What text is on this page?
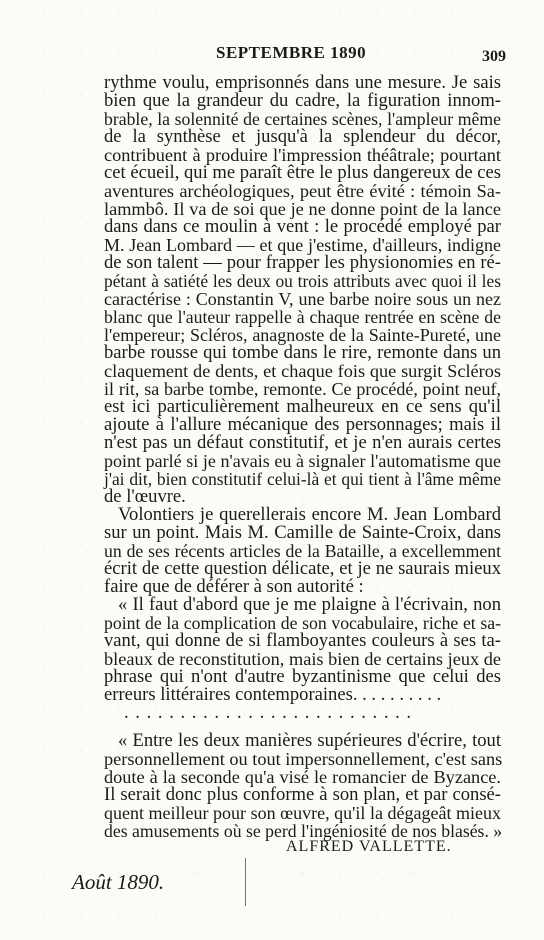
SEPTEMBRE 1890	309
rythme voulu, emprisonnés dans une mesure. Je sais
bien que la grandeur du cadre, la figuration innom-
brable, la solennité de certaines scènes, l'ampleur même
de la synthèse et jusqu'à la splendeur du décor,
contribuent à produire l'impression théâtrale; pourtant
cet écueil, qui me paraît être le plus dangereux de ces
aventures archéologiques, peut être évité : témoin Sa-
lammbô. Il va de soi que je ne donne point de la lance
dans dans ce moulin à vent : le procédé employé par
M. Jean Lombard — et que j'estime, d'ailleurs, indigne
de son talent — pour frapper les physionomies en ré-
pétant à satiété les deux ou trois attributs avec quoi il les
caractérise : Constantin V, une barbe noire sous un nez
blanc que l'auteur rappelle à chaque rentrée en scène de
l'empereur; Scléros, anagnoste de la Sainte-Pureté, une
barbe rousse qui tombe dans le rire, remonte dans un
claquement de dents, et chaque fois que surgit Scléros
il rit, sa barbe tombe, remonte. Ce procédé, point neuf,
est ici particulièrement malheureux en ce sens qu'il
ajoute à l'allure mécanique des personnages; mais il
n'est pas un défaut constitutif, et je n'en aurais certes
point parlé si je n'avais eu à signaler l'automatisme que
j'ai dit, bien constitutif celui-là et qui tient à l'âme même
de l'œuvre.
Volontiers je querellerais encore M. Jean Lombard
sur un point. Mais M. Camille de Sainte-Croix, dans
un de ses récents articles de la Bataille, a excellemment
écrit de cette question délicate, et je ne saurais mieux
faire que de déférer à son autorité :
« Il faut d'abord que je me plaigne à l'écrivain, non
point de la complication de son vocabulaire, riche et sa-
vant, qui donne de si flamboyantes couleurs à ses ta-
bleaux de reconstitution, mais bien de certains jeux de
phrase qui n'ont d'autre byzantinisme que celui des
erreurs littéraires contemporaines. . . . . . . . . .
. . . . . . . . . . . . . . . . . . . . . . . . . .
« Entre les deux manières supérieures d'écrire, tout
personnellement ou tout impersonnellement, c'est sans
doute à la seconde qu'a visé le romancier de Byzance.
Il serait donc plus conforme à son plan, et par consé-
quent meilleur pour son œuvre, qu'il la dégageât mieux
des amusements où se perd l'ingéniosité de nos blasés. »
ALFRED VALLETTE.
Août 1890.
